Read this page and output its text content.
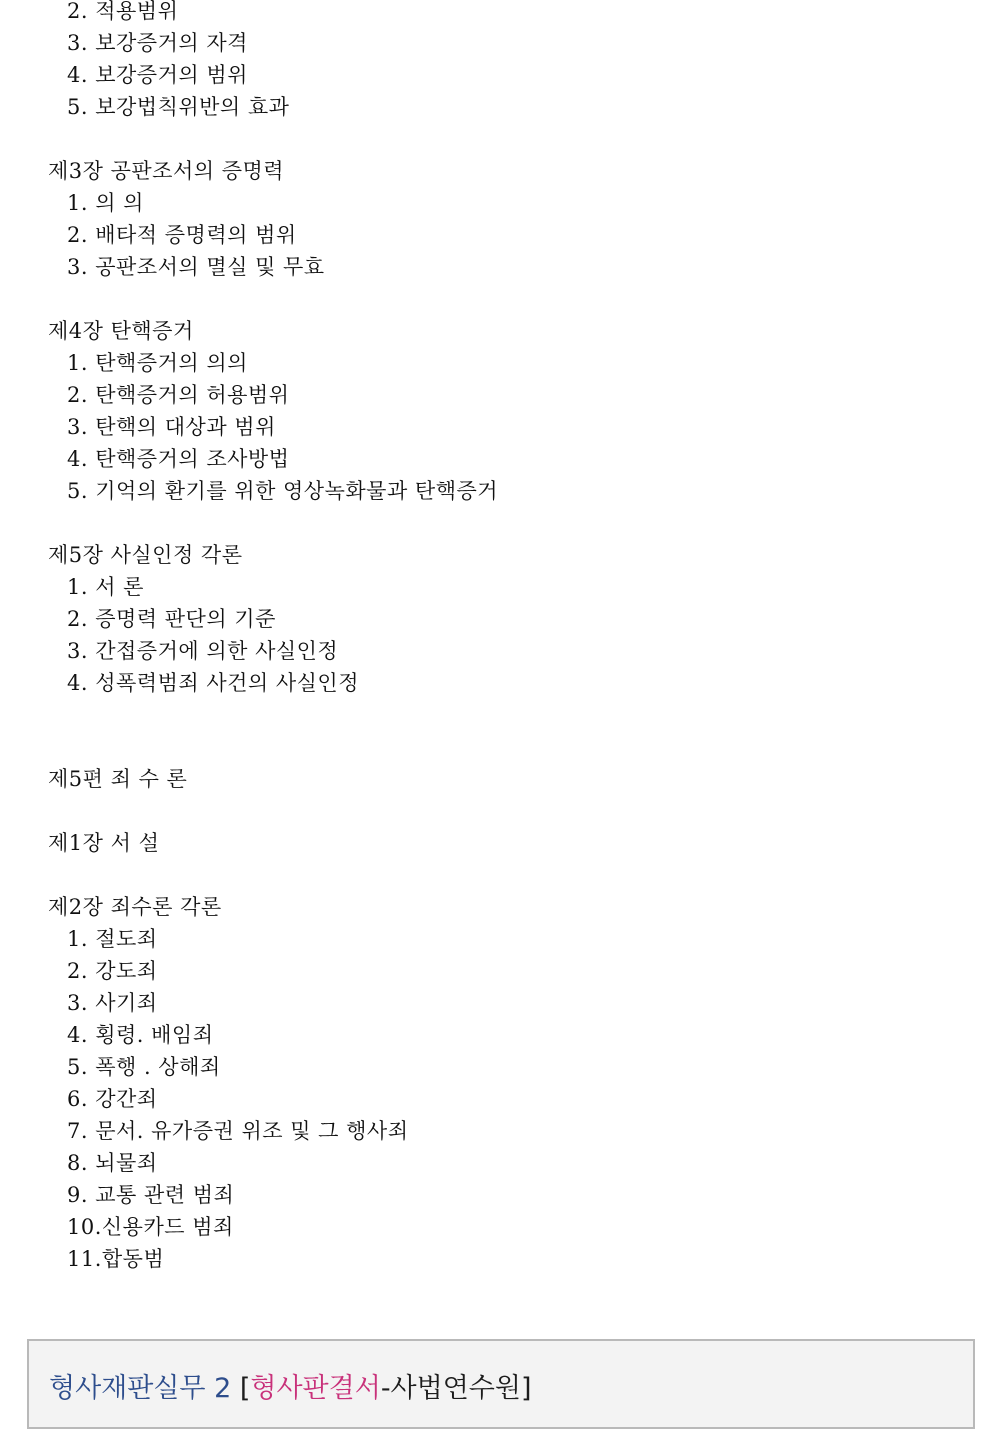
2. 적용범위
3. 보강증거의 자격
4. 보강증거의 범위
5. 보강법칙위반의 효과
제3장 공판조서의 증명력
1. 의 의
2. 배타적 증명력의 범위
3. 공판조서의 멸실 및 무효
제4장 탄핵증거
1. 탄핵증거의 의의
2. 탄핵증거의 허용범위
3. 탄핵의 대상과 범위
4. 탄핵증거의 조사방법
5. 기억의 환기를 위한 영상녹화물과 탄핵증거
제5장 사실인정 각론
1. 서 론
2. 증명력 판단의 기준
3. 간접증거에 의한 사실인정
4. 성폭력범죄 사건의 사실인정
제5편 죄 수 론
제1장 서 설
제2장 죄수론 각론
1. 절도죄
2. 강도죄
3. 사기죄
4. 횡령. 배임죄
5. 폭행 . 상해죄
6. 강간죄
7. 문서. 유가증권 위조 및 그 행사죄
8. 뇌물죄
9. 교통 관련 범죄
10.신용카드 범죄
11.합동범
형사재판실무 2 [형사판결서-사법연수원]
